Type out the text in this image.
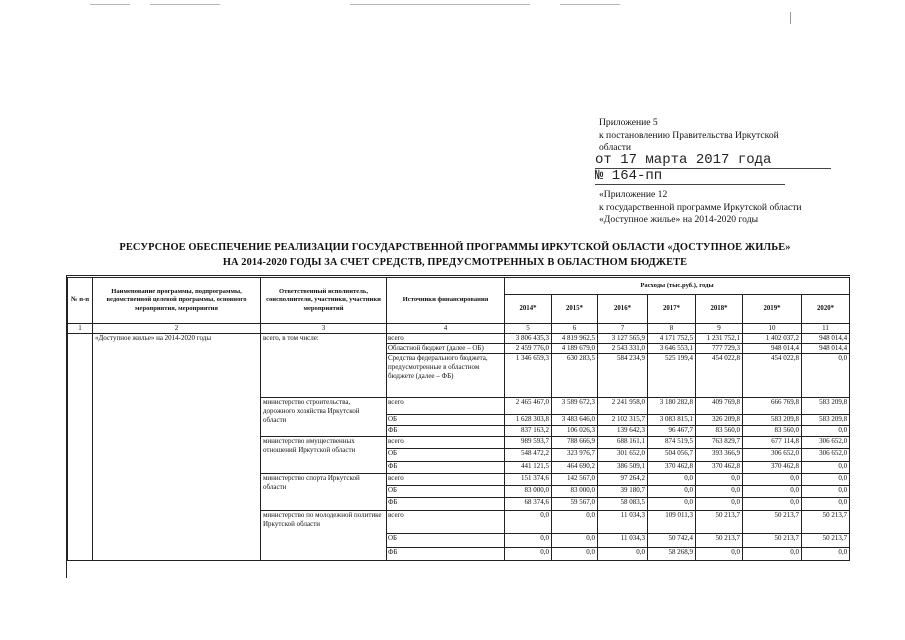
Приложение 5
к постановлению Правительства Иркутской
области
от 17 марта 2017 года
№ 164-пп
«Приложение 12
к государственной программе Иркутской области
«Доступное жилье» на 2014-2020 годы
РЕСУРСНОЕ ОБЕСПЕЧЕНИЕ РЕАЛИЗАЦИИ ГОСУДАРСТВЕННОЙ ПРОГРАММЫ ИРКУТСКОЙ ОБЛАСТИ «ДОСТУПНОЕ ЖИЛЬЕ»
НА 2014-2020 ГОДЫ ЗА СЧЕТ СРЕДСТВ, ПРЕДУСМОТРЕННЫХ В ОБЛАСТНОМ БЮДЖЕТЕ
№ п-п	Наименование программы, подпрограммы, ведомственной целевой программы, основного мероприятия, мероприятия	Ответственный исполнитель, соисполнители, участники, участники мероприятий	Источники финансирования	Расходы (тыс.руб.), годы						
				2014*	2015*	2016*	2017*	2018*	2019*	2020*
1	2	3	4	5	6	7	8	9	10	11
	«Доступное жилье» на 2014-2020 годы	всего, в том числе:	всего	3 806 435,3	4 819 962,5	3 127 565,9	4 171 752,5	1 231 752,1	1 402 037,2	948 014,4
			Областной бюджет (далее – ОБ)	2 459 776,0	4 189 679,0	2 543 331,0	3 646 553,1	777 729,3	948 014,4	948 014,4
			Средства федерального бюджета, предусмотренные в областном бюджете (далее – ФБ)	1 346 659,3	630 283,5	584 234,9	525 199,4	454 022,8	454 022,8	0,0
		министерство строительства, дорожного хозяйства Иркутской области	всего	2 465 467,0	3 589 672,3	2 241 958,0	3 180 282,8	409 769,8	666 769,8	583 209,8
			ОБ	1 628 303,8	3 483 646,0	2 102 315,7	3 083 815,1	326 209,8	583 209,8	583 209,8
			ФБ	837 163,2	106 026,3	139 642,3	96 467,7	83 560,0	83 560,0	0,0
		министерство имущественных отношений Иркутской области	всего	989 593,7	788 666,9	688 161,1	874 519,5	763 829,7	677 114,8	306 652,0
			ОБ	548 472,2	323 976,7	301 652,0	504 056,7	393 366,9	306 652,0	306 652,0
			ФБ	441 121,5	464 690,2	386 509,1	370 462,8	370 462,8	370 462,8	0,0
		министерство спорта Иркутской области	всего	151 374,6	142 567,0	97 264,2	0,0	0,0	0,0	0,0
			ОБ	83 000,0	83 000,0	39 180,7	0,0	0,0	0,0	0,0
			ФБ	68 374,6	59 567,0	58 083,5	0,0	0,0	0,0	0,0
		министерство по молодежной политике Иркутской области	всего	0,0	0,0	11 034,3	109 011,3	50 213,7	50 213,7	50 213,7
			ОБ	0,0	0,0	11 034,3	50 742,4	50 213,7	50 213,7	50 213,7
			ФБ	0,0	0,0	0,0	58 268,9	0,0	0,0	0,0
